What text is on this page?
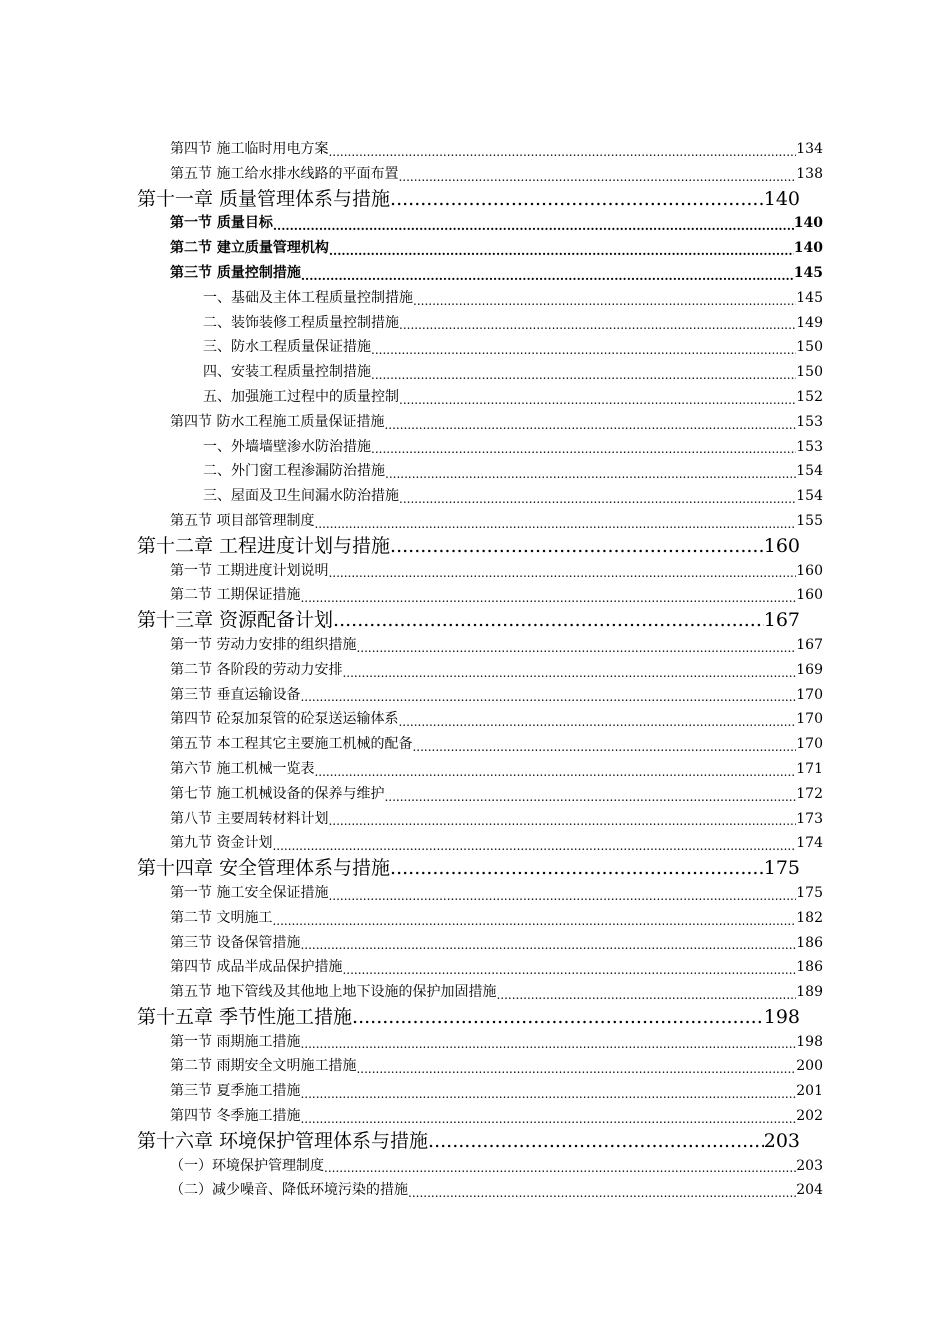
第四节 施工临时用电方案 .....	134
第五节 施工给水排水线路的平面布置 .....	138
第十一章 质量管理体系与措施 .....	140
第一节 质量目标 .....	140
第二节 建立质量管理机构 .....	140
第三节 质量控制措施 .....	145
一、基础及主体工程质量控制措施 .....	145
二、装饰装修工程质量控制措施 .....	149
三、防水工程质量保证措施 .....	150
四、安装工程质量控制措施 .....	150
五、加强施工过程中的质量控制 .....	152
第四节 防水工程施工质量保证措施 .....	153
一、外墙墙壁渗水防治措施 .....	153
二、外门窗工程渗漏防治措施 .....	154
三、屋面及卫生间漏水防治措施 .....	154
第五节 项目部管理制度 .....	155
第十二章 工程进度计划与措施 .....	160
第一节 工期进度计划说明 .....	160
第二节 工期保证措施 .....	160
第十三章 资源配备计划 .....	167
第一节 劳动力安排的组织措施 .....	167
第二节 各阶段的劳动力安排 .....	169
第三节 垂直运输设备 .....	170
第四节 砼泵加泵管的砼泵送运输体系 .....	170
第五节 本工程其它主要施工机械的配备 .....	170
第六节 施工机械一览表 .....	171
第七节 施工机械设备的保养与维护 .....	172
第八节 主要周转材料计划 .....	173
第九节 资金计划 .....	174
第十四章 安全管理体系与措施 .....	175
第一节 施工安全保证措施 .....	175
第二节 文明施工 .....	182
第三节 设备保管措施 .....	186
第四节 成品半成品保护措施 .....	186
第五节 地下管线及其他地上地下设施的保护加固措施 .....	189
第十五章 季节性施工措施 .....	198
第一节 雨期施工措施 .....	198
第二节 雨期安全文明施工措施 .....	200
第三节 夏季施工措施 .....	201
第四节 冬季施工措施 .....	202
第十六章 环境保护管理体系与措施 .....	203
（一）环境保护管理制度 .....	203
（二）减少噪音、降低环境污染的措施 .....	204
